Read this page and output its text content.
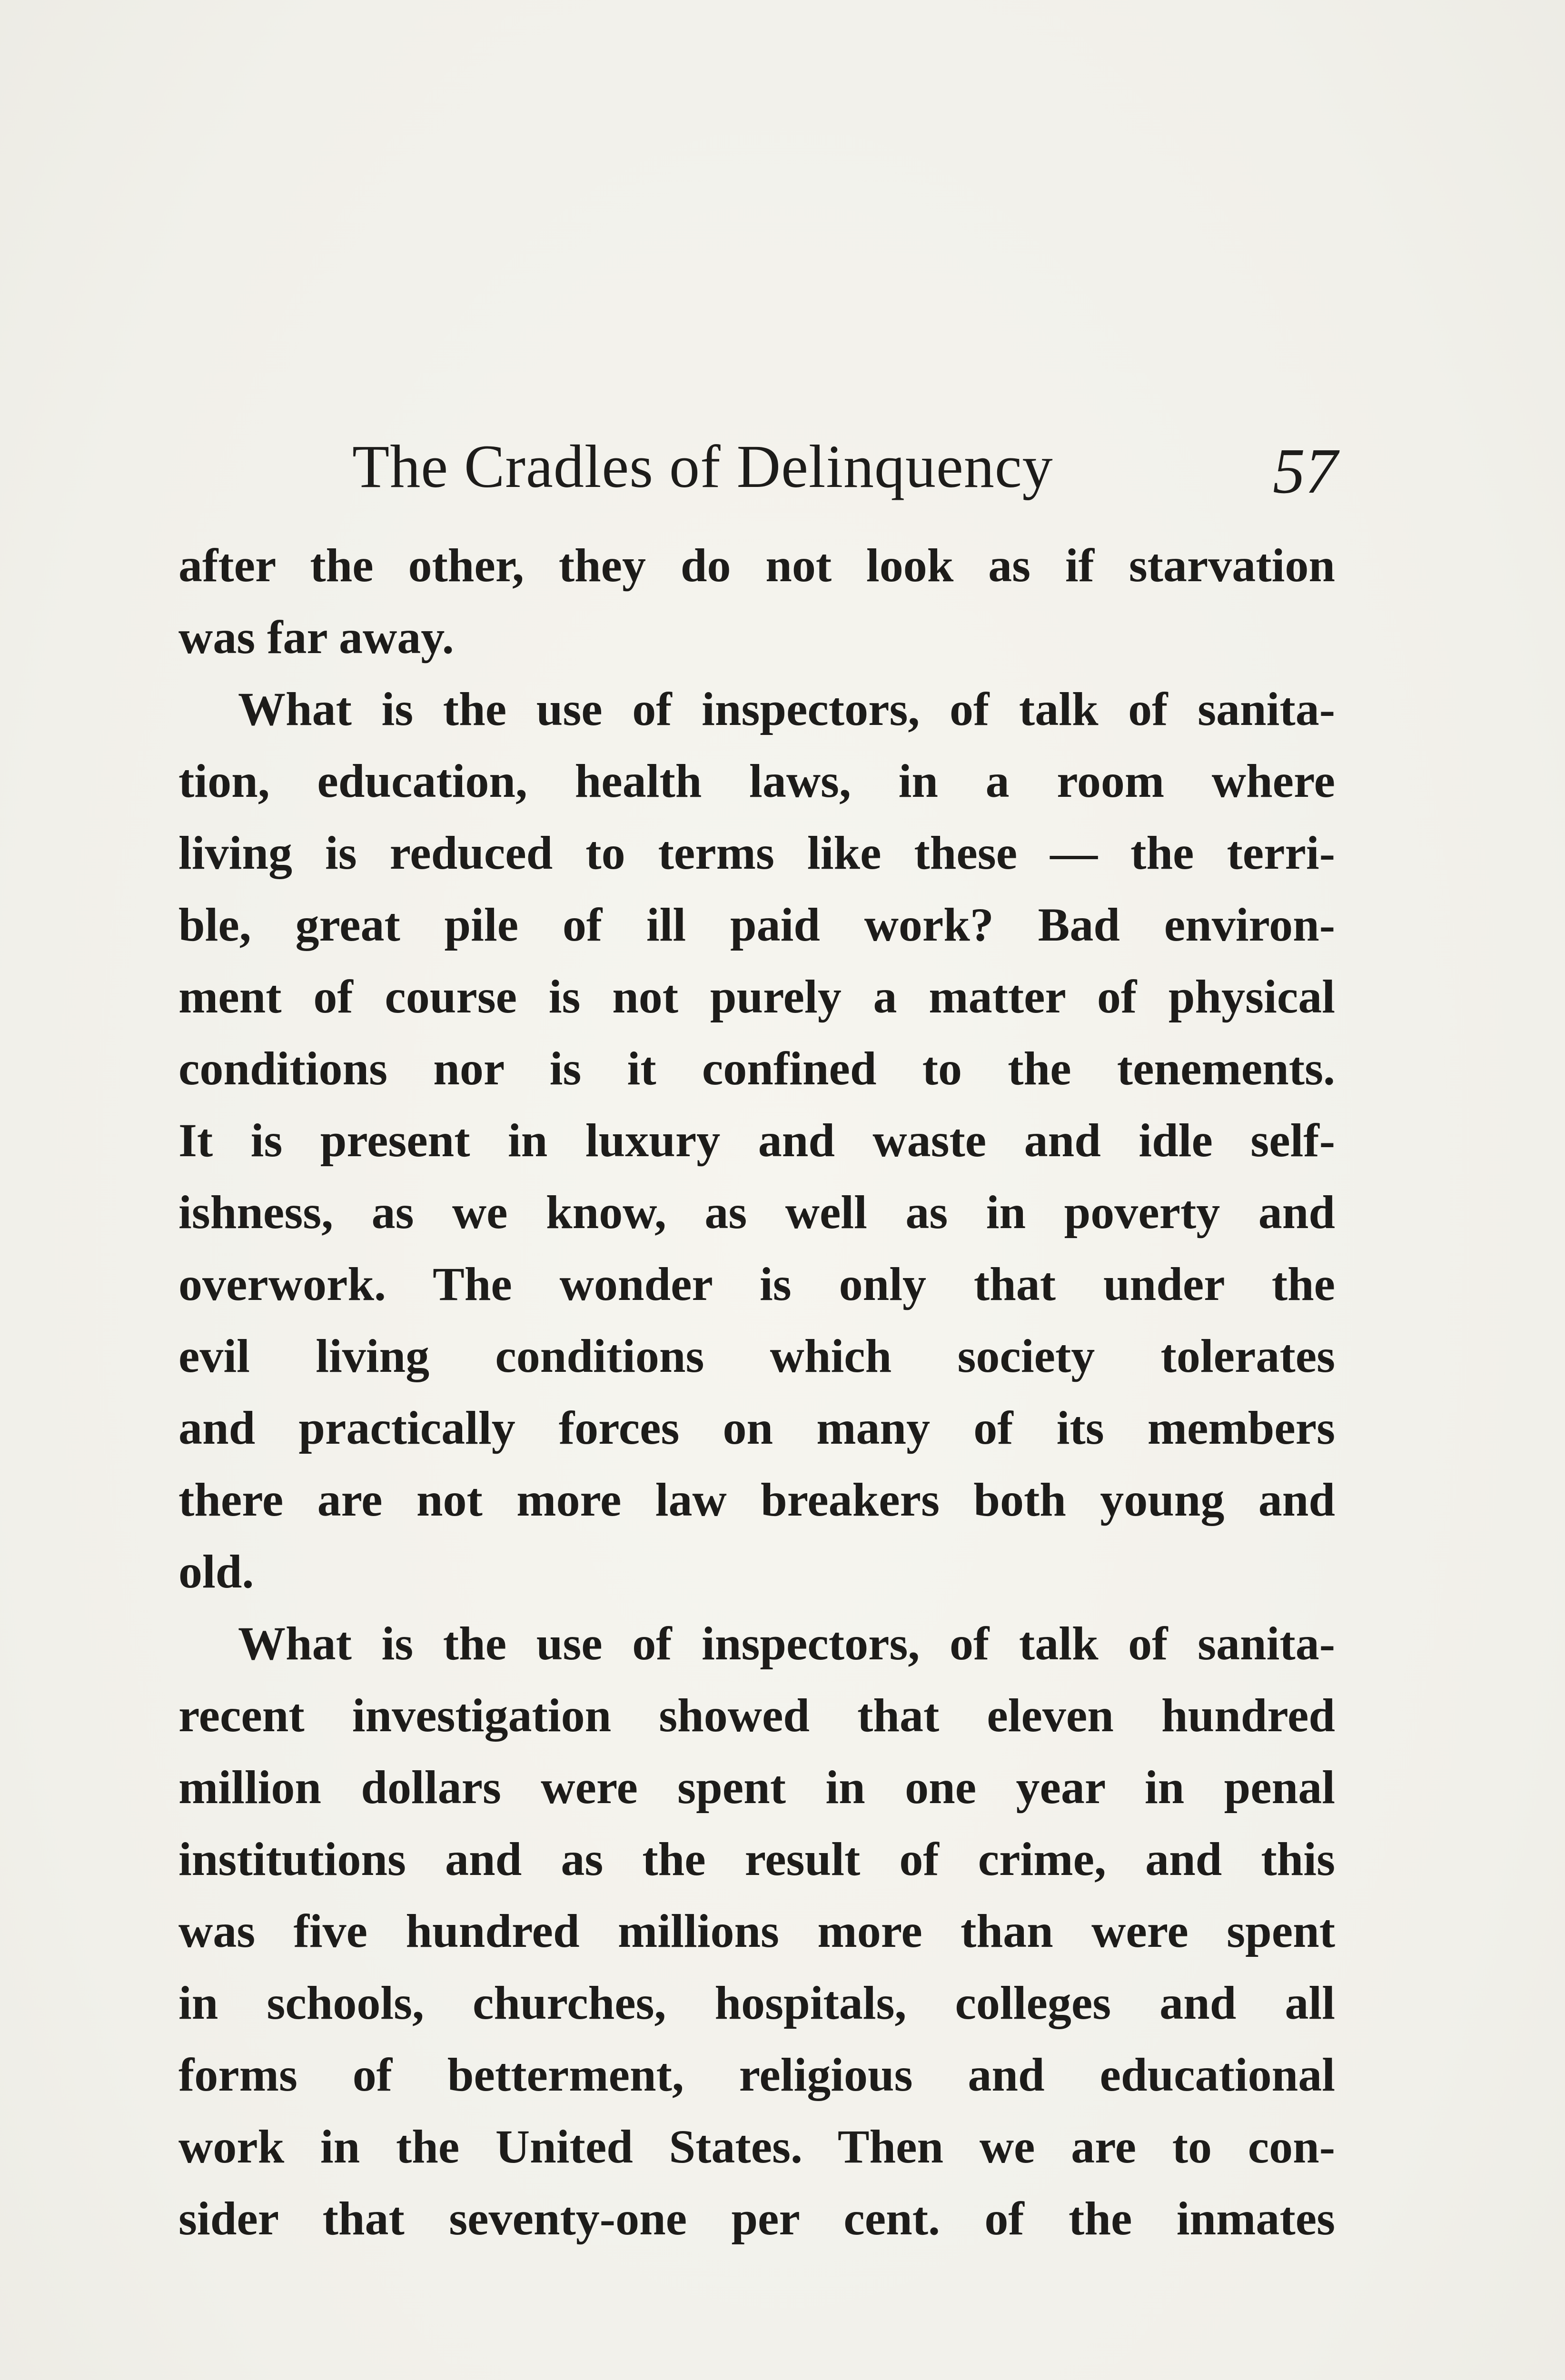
The Cradles of Delinquency	57
after the other, they do not look as if starvation
was far away.
What is the use of inspectors, of talk of sanita-
tion, education, health laws, in a room where
living is reduced to terms like these — the terri-
ble, great pile of ill paid work? Bad environ-
ment of course is not purely a matter of physical
conditions nor is it confined to the tenements.
It is present in luxury and waste and idle self-
ishness, as we know, as well as in poverty and
overwork. The wonder is only that under the
evil living conditions which society tolerates
and practically forces on many of its members
there are not more law breakers both young and
old.
What is the use of inspectors, of talk of sanita-
recent investigation showed that eleven hundred
million dollars were spent in one year in penal
institutions and as the result of crime, and this
was five hundred millions more than were spent
in schools, churches, hospitals, colleges and all
forms of betterment, religious and educational
work in the United States. Then we are to con-
sider that seventy-one per cent. of the inmates
